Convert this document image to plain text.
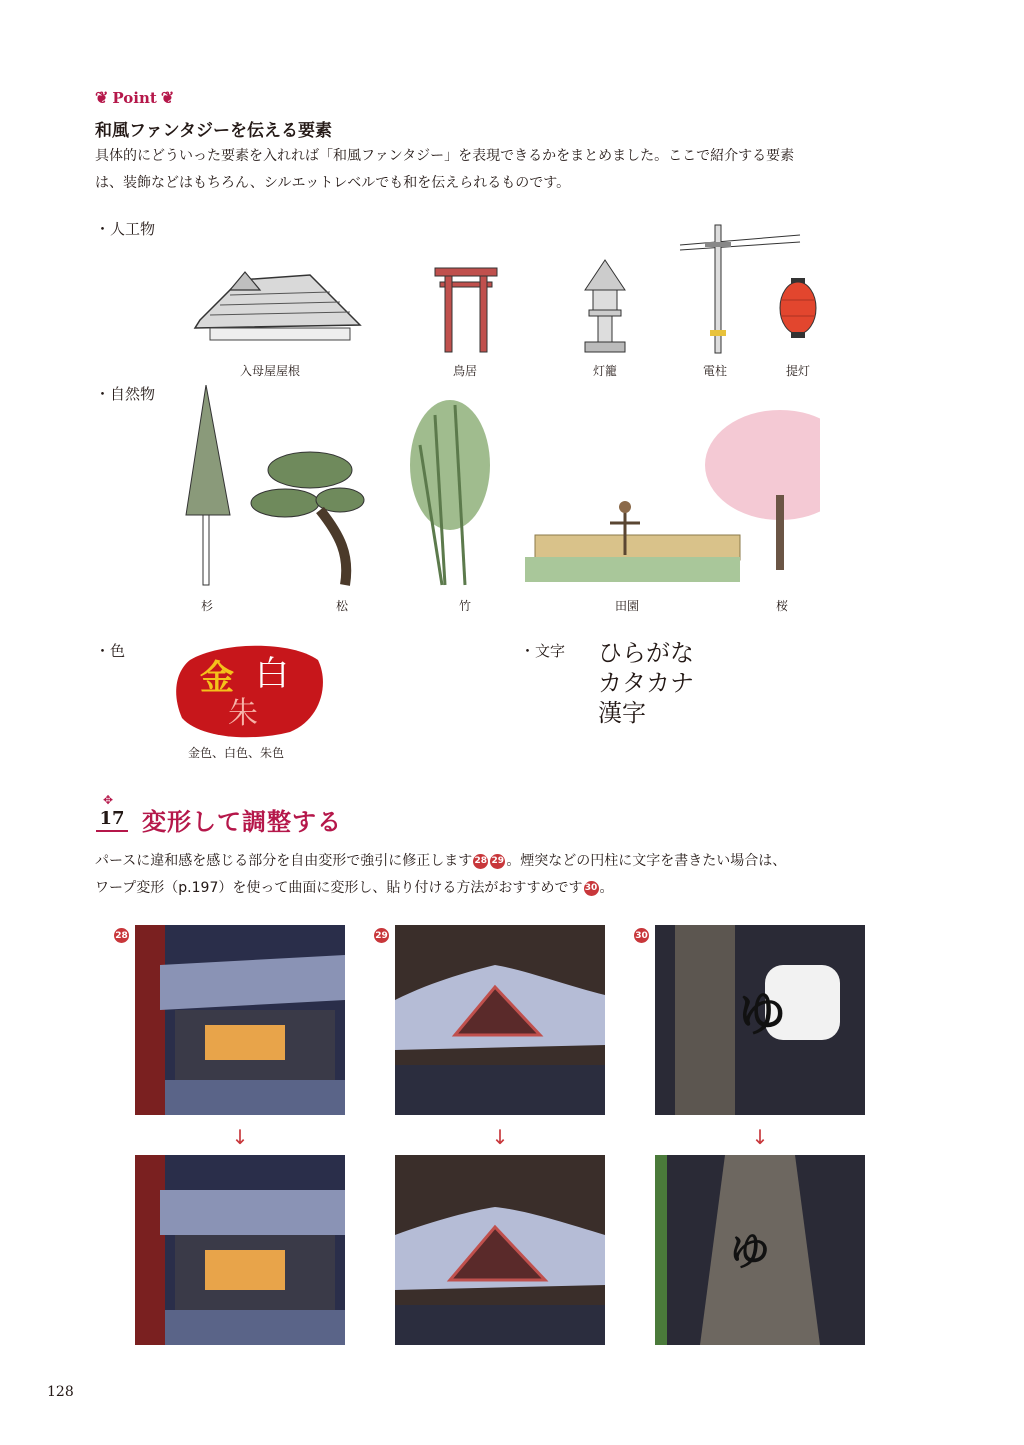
❦ Point ❦
和風ファンタジーを伝える要素
具体的にどういった要素を入れれば「和風ファンタジー」を表現できるかをまとめました。ここで紹介する要素
は、装飾などはもちろん、シルエットレベルでも和を伝えられるものです。
・人工物
入母屋屋根	鳥居	灯籠	電柱	提灯
・自然物
杉	松	竹	田園	桜
・色
金 白
朱
金色、白色、朱色
・文字 ひらがな
カタカナ
漢字
✥
17 変形して調整する
パースに違和感を感じる部分を自由変形で強引に修正します 28 29 。煙突などの円柱に文字を書きたい場合は、
ワープ変形（p.197）を使って曲面に変形し、貼り付ける方法がおすすめです 30 。
28	29	30
↓	↓
ゆ
↓
ゆ
128
